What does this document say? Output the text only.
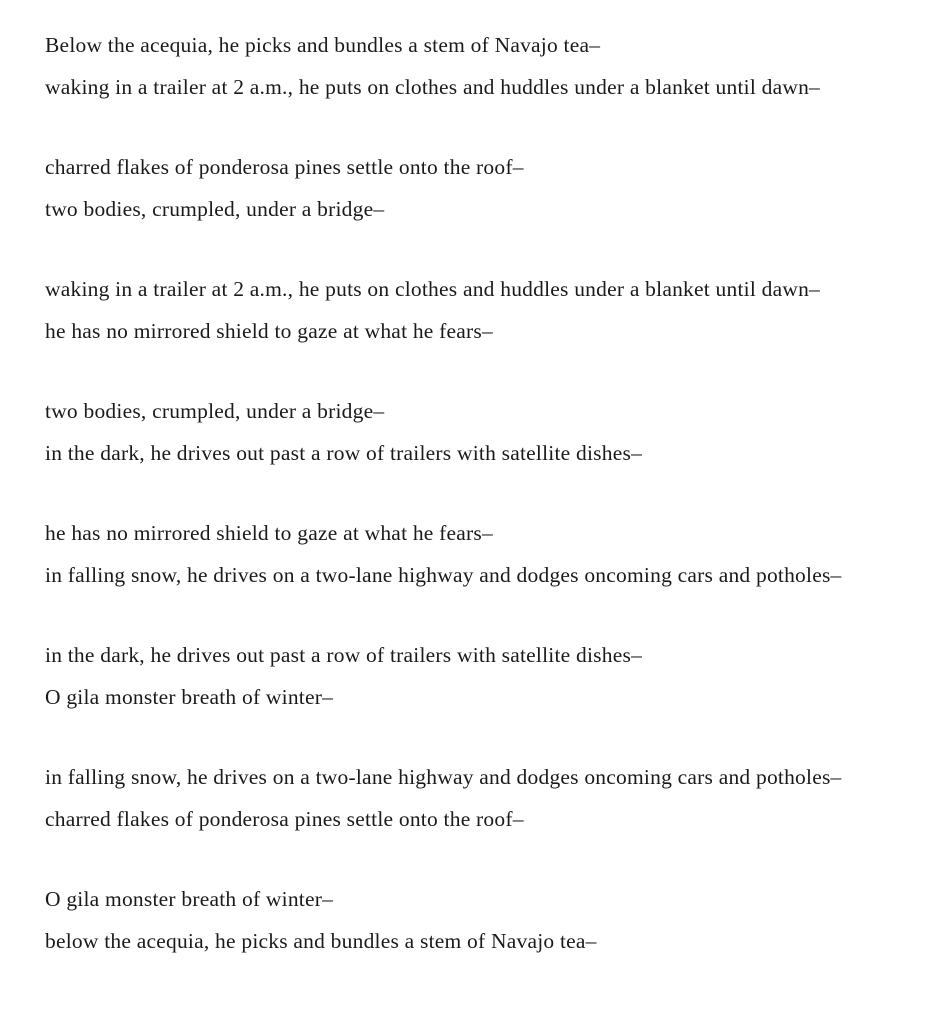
Below the acequia, he picks and bundles a stem of Navajo tea–
waking in a trailer at 2 a.m., he puts on clothes and huddles under a blanket until dawn–
charred flakes of ponderosa pines settle onto the roof–
two bodies, crumpled, under a bridge–
waking in a trailer at 2 a.m., he puts on clothes and huddles under a blanket until dawn–
he has no mirrored shield to gaze at what he fears–
two bodies, crumpled, under a bridge–
in the dark, he drives out past a row of trailers with satellite dishes–
he has no mirrored shield to gaze at what he fears–
in falling snow, he drives on a two-lane highway and dodges oncoming cars and potholes–
in the dark, he drives out past a row of trailers with satellite dishes–
O gila monster breath of winter–
in falling snow, he drives on a two-lane highway and dodges oncoming cars and potholes–
charred flakes of ponderosa pines settle onto the roof–
O gila monster breath of winter–
below the acequia, he picks and bundles a stem of Navajo tea–
